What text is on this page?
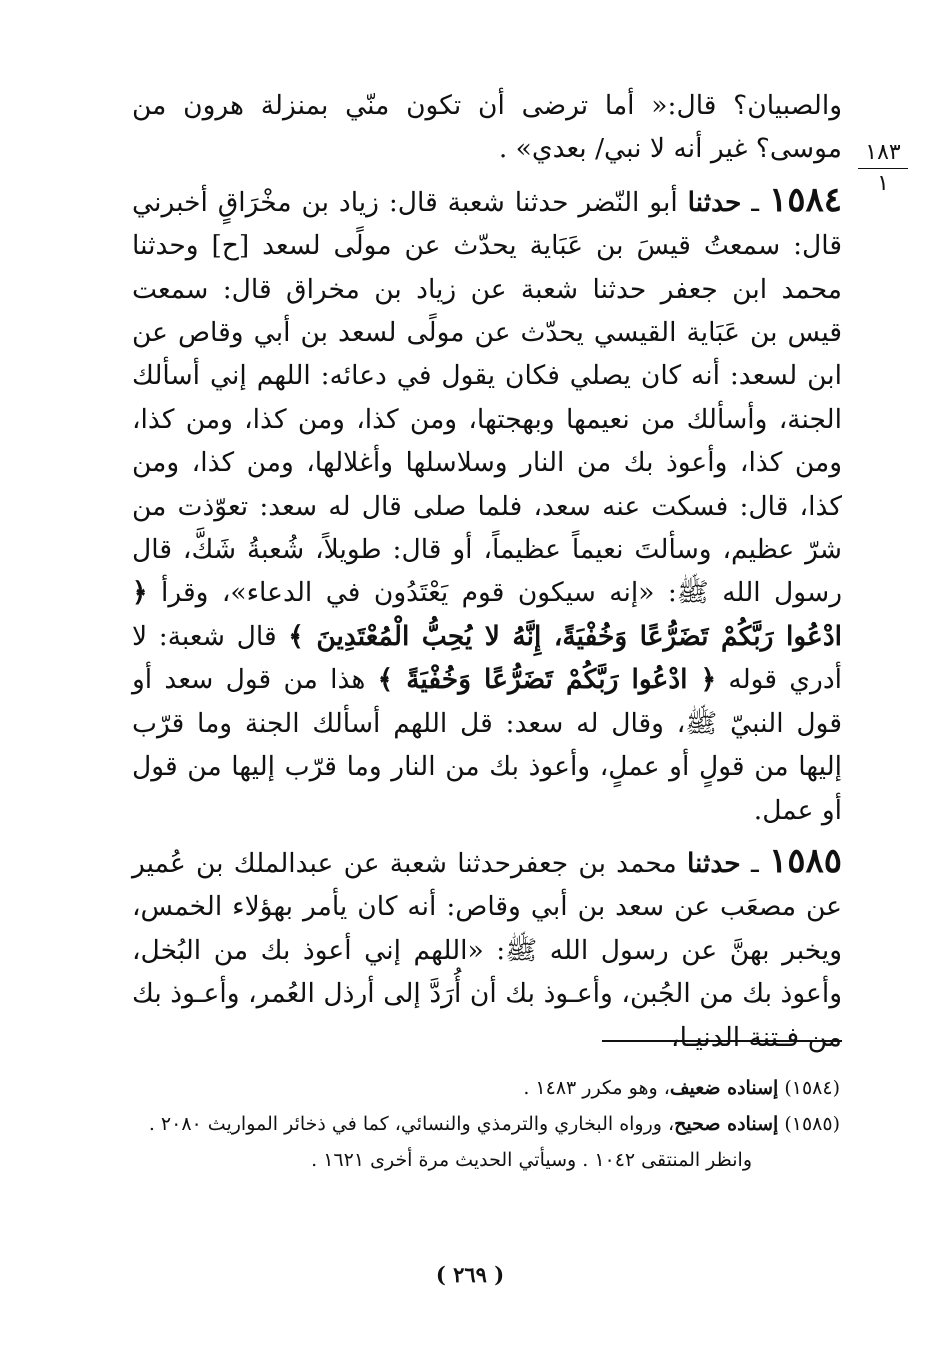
١٨٣
١

والصبيان؟ قال:« أما ترضى أن تكون منّي بمنزلة هرون من موسى؟ غير أنه لا نبي/ بعدي» .

١٥٨٤ ـ حدثنا أبو النّضر حدثنا شعبة قال: زياد بن مخْرَاقٍ أخبرني قال: سمعتُ قيسَ بن عَبَاية يحدّث عن مولًى لسعد [ح] وحدثنا محمد ابن جعفر حدثنا شعبة عن زياد بن مخراق قال: سمعت قيس بن عَبَاية القيسي يحدّث عن مولًى لسعد بن أبي وقاص عن ابن لسعد: أنه كان يصلي فكان يقول في دعائه: اللهم إني أسألك الجنة، وأسألك من نعيمها وبهجتها، ومن كذا، ومن كذا، ومن كذا، ومن كذا، وأعوذ بك من النار وسلاسلها وأغلالها، ومن كذا، ومن كذا، قال: فسكت عنه سعد، فلما صلى قال له سعد: تعوّذت من شرّ عظيم، وسألتَ نعيماً عظيماً، أو قال: طويلاً، شُعبةُ شَكَّ، قال رسول الله ﷺ: «إنه سيكون قوم يَعْتَدُون في الدعاء»، وقرأ ﴿ ادْعُوا رَبَّكُمْ تَضَرُّعًا وَخُفْيَةً، إِنَّهُ لا يُحِبُّ الْمُعْتَدِينَ ﴾ قال شعبة: لا أدري قوله ﴿ ادْعُوا رَبَّكُمْ تَضَرُّعًا وَخُفْيَةً ﴾ هذا من قول سعد أو قول النبيّ ﷺ، وقال له سعد: قل اللهم أسألك الجنة وما قرّب إليها من قولٍ أو عملٍ، وأعوذ بك من النار وما قرّب إليها من قول أو عمل.

١٥٨٥ ـ حدثنا محمد بن جعفرحدثنا شعبة عن عبدالملك بن عُمير عن مصعَب عن سعد بن أبي وقاص: أنه كان يأمر بهؤلاء الخمس، ويخبر بهنَّ عن رسول الله ﷺ: «اللهم إني أعوذ بك من البُخل، وأعوذ بك من الجُبن، وأعـوذ بك أن أُرَدَّ إلى أرذل العُمر، وأعـوذ بك من فـتنة الدنيـا،

(١٥٨٤) إسناده ضعيف، وهو مكرر ١٤٨٣ .

(١٥٨٥) إسناده صحيح، ورواه البخاري والترمذي والنسائي، كما في ذخائر المواريث ٢٠٨٠ .

وانظر المنتقى ١٠٤٢ . وسيأتي الحديث مرة أخرى ١٦٢١ .

( ٢٦٩ )
